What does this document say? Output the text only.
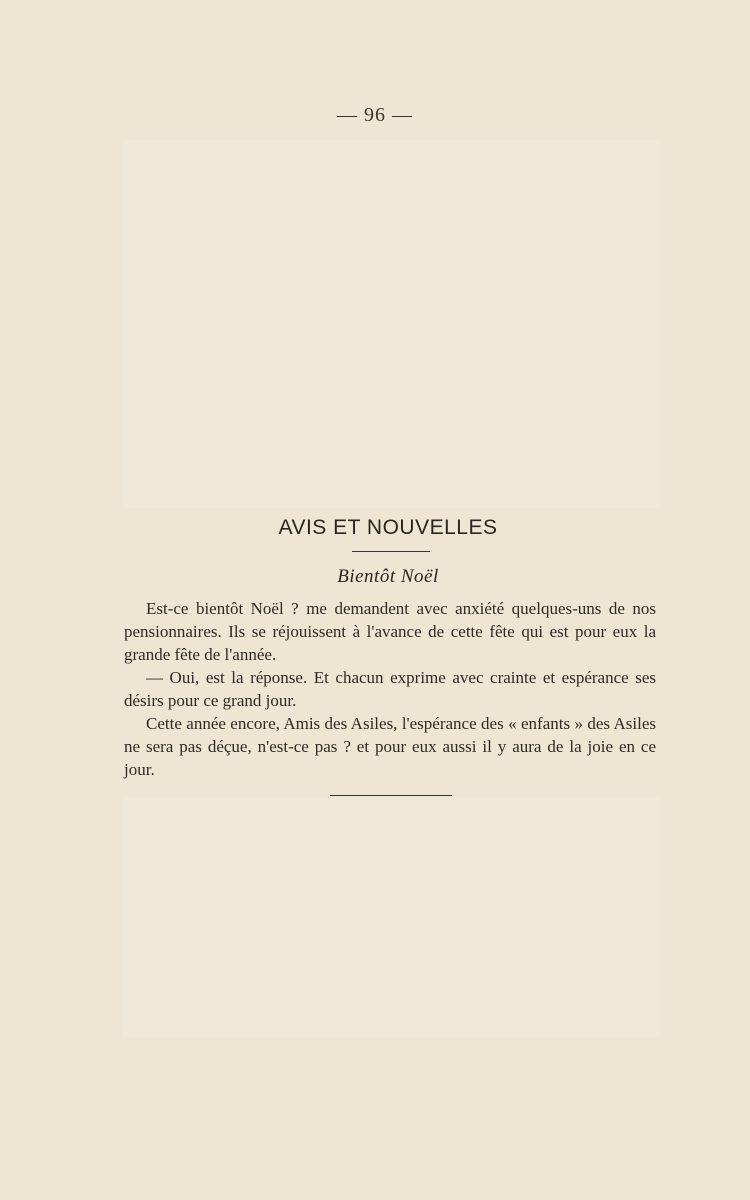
— 96 —
AVIS ET NOUVELLES
Bientôt Noël

Est-ce bientôt Noël ? me demandent avec anxiété quelques-uns de nos pensionnaires. Ils se réjouissent à l'avance de cette fête qui est pour eux la grande fête de l'année.

— Oui, est la réponse. Et chacun exprime avec crainte et espérance ses désirs pour ce grand jour.

Cette année encore, Amis des Asiles, l'espérance des « enfants » des Asiles ne sera pas déçue, n'est-ce pas ? et pour eux aussi il y aura de la joie en ce jour.
